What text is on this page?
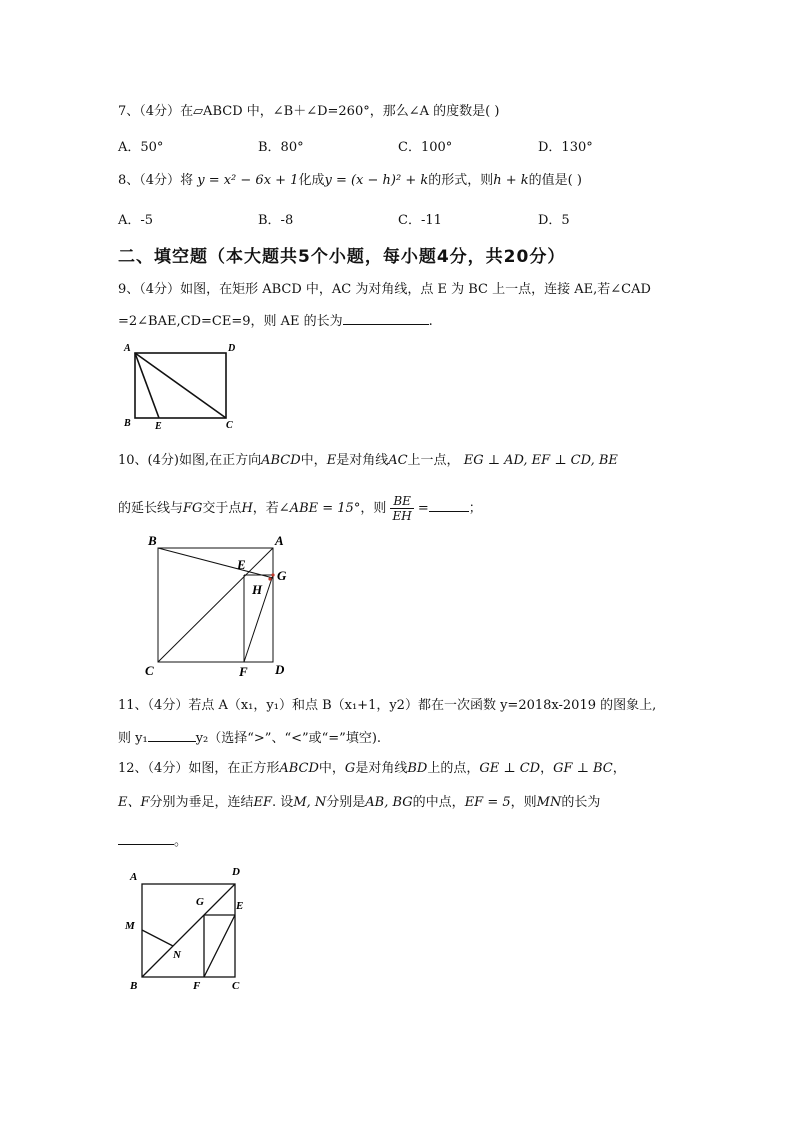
7、（4分）在▱ABCD 中，∠B＋∠D=260°，那么∠A 的度数是( )
A．50°	B．80°	C．100°	D．130°
8、（4分）将 y = x² − 6x + 1化成y = (x − h)² + k的形式，则h + k的值是( )
A．-5	B．-8	C．-11	D．5
二、填空题（本大题共5个小题，每小题4分，共20分）
9、（4分）如图，在矩形 ABCD 中，AC 为对角线，点 E 为 BC 上一点，连接 AE,若∠CAD
=2∠BAE,CD=CE=9，则 AE 的长为	.
A	D
B E	C
10、(4分)如图,在正方向ABCD中，E是对角线AC上一点， EG ⊥ AD, EF ⊥ CD, BE
的延长线与FG交于点H，若∠ABE = 15°，则 $\frac{BE}{EH}$ =	；
B	A
E
G
H
C	F D
11、（4分）若点 A（x₁，y₁）和点 B（x₁+1，y2）都在一次函数 y=2018x-2019 的图象上,
则 y₁	y₂（选择“>”、“<”或“=”填空).
12、（4分）如图，在正方形ABCD中，G是对角线BD上的点，GE ⊥ CD，GF ⊥ BC，
E、F分别为垂足，连结EF. 设M, N分别是AB, BG的中点，EF = 5，则MN的长为
。
A	D
G	E
M
N
B	F	C
